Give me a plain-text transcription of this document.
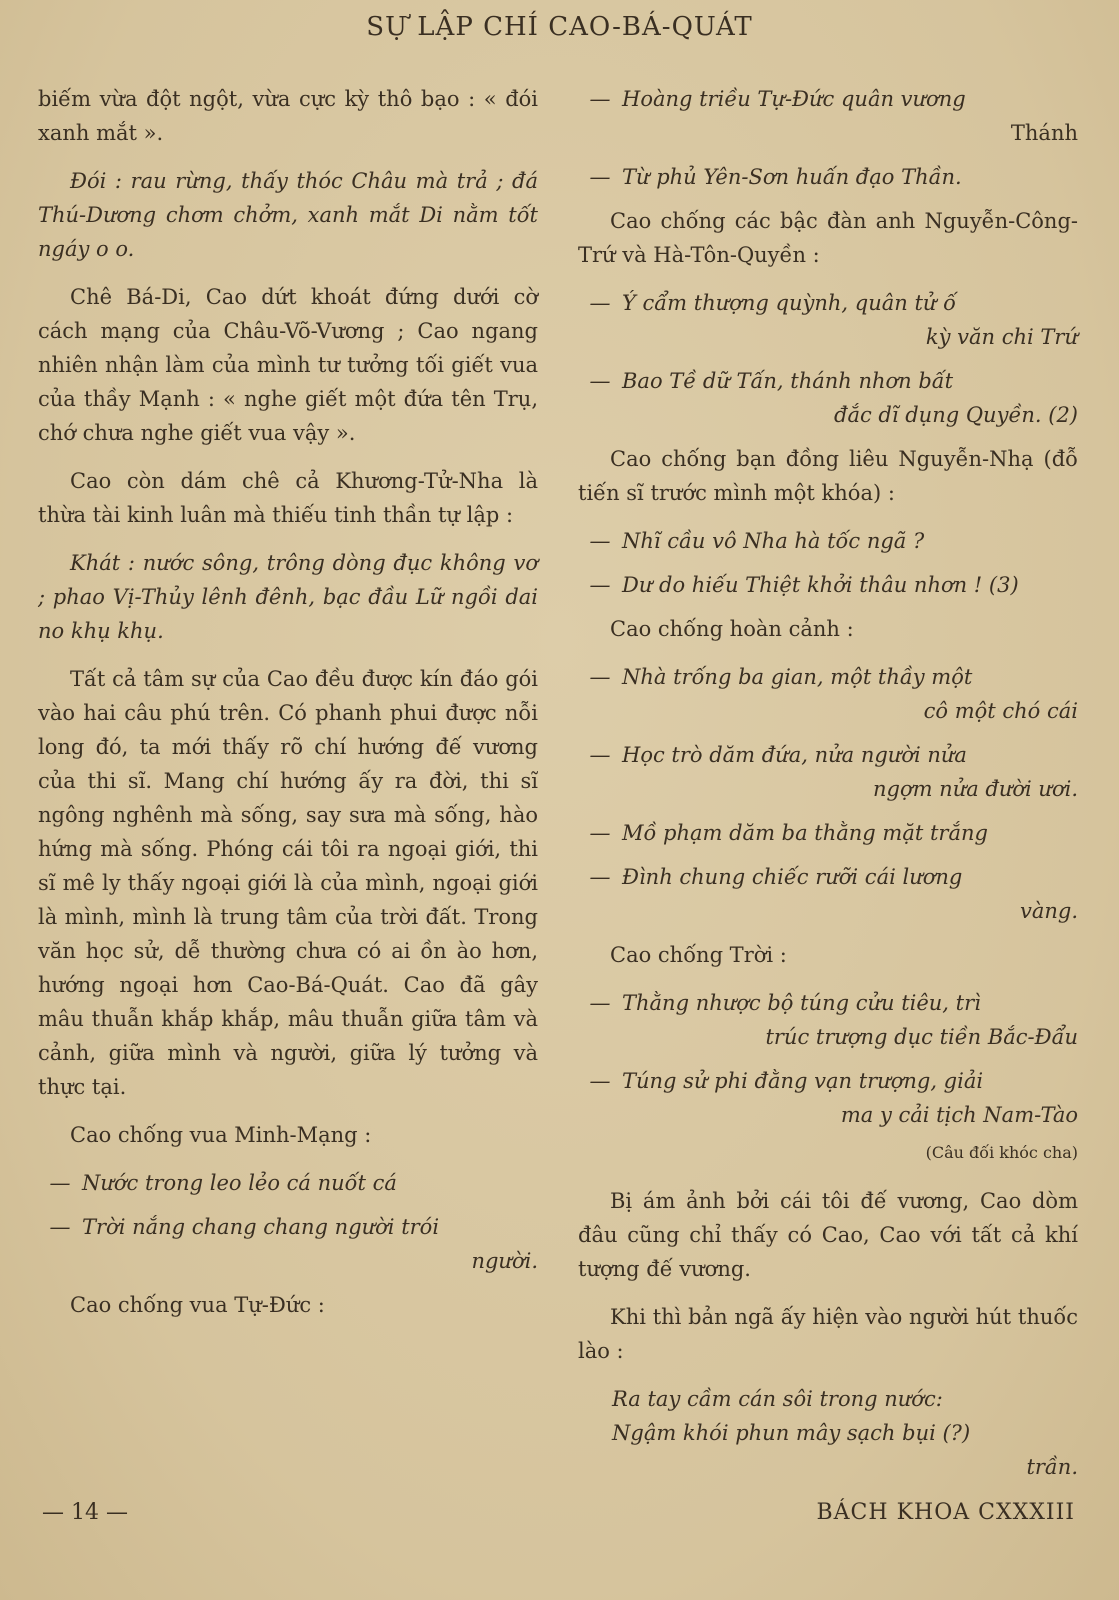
SỰ LẬP CHÍ CAO-BÁ-QUÁT

biếm vừa đột ngột, vừa cực kỳ thô bạo : « đói xanh mắt ».

Đói : rau rừng, thấy thóc Châu mà trả ; đá Thú-Dương chơm chởm, xanh mắt Di nằm tốt ngáy o o.

Chê Bá-Di, Cao dứt khoát đứng dưới cờ cách mạng của Châu-Võ-Vương ; Cao ngang nhiên nhận làm của mình tư tưởng tối giết vua của thầy Mạnh : « nghe giết một đứa tên Trụ, chớ chưa nghe giết vua vậy ».

Cao còn dám chê cả Khương-Tử-Nha là thừa tài kinh luân mà thiếu tinh thần tự lập :

Khát : nước sông, trông dòng đục không vơ ; phao Vị-Thủy lênh đênh, bạc đầu Lữ ngồi dai no khụ khụ.

Tất cả tâm sự của Cao đều được kín đáo gói vào hai câu phú trên. Có phanh phui được nỗi long đó, ta mới thấy rõ chí hướng đế vương của thi sĩ. Mang chí hướng ấy ra đời, thi sĩ ngông nghênh mà sống, say sưa mà sống, hào hứng mà sống. Phóng cái tôi ra ngoại giới, thi sĩ mê ly thấy ngoại giới là của mình, ngoại giới là mình, mình là trung tâm của trời đất. Trong văn học sử, dễ thường chưa có ai ồn ào hơn, hướng ngoại hơn Cao-Bá-Quát. Cao đã gây mâu thuẫn khắp khắp, mâu thuẫn giữa tâm và cảnh, giữa mình và người, giữa lý tưởng và thực tại.

Cao chống vua Minh-Mạng :

— Nước trong leo lẻo cá nuốt cá
— Trời nắng chang chang người trói
người.

Cao chống vua Tự-Đức :

— Hoàng triều Tự-Đức quân vương
Thánh
— Từ phủ Yên-Sơn huấn đạo Thần.

Cao chống các bậc đàn anh Nguyễn-Công-Trứ và Hà-Tôn-Quyền :

— Ý cẩm thượng quỳnh, quân tử ố
kỳ văn chi Trứ
— Bao Tề dữ Tấn, thánh nhơn bất
đắc dĩ dụng Quyền. (2)

Cao chống bạn đồng liêu Nguyễn-Nhạ (đỗ tiến sĩ trước mình một khóa) :

— Nhĩ cầu vô Nha hà tốc ngã ?
— Dư do hiếu Thiệt khởi thâu nhơn ! (3)

Cao chống hoàn cảnh :

— Nhà trống ba gian, một thầy một
cô một chó cái
— Học trò dăm đứa, nửa người nửa
ngợm nửa đười ươi.
— Mồ phạm dăm ba thằng mặt trắng
— Đình chung chiếc rưỡi cái lương
vàng.

Cao chống Trời :

— Thằng nhược bộ túng cửu tiêu, trì
trúc trượng dục tiền Bắc-Đẩu
— Túng sử phi đằng vạn trượng, giải
ma y cải tịch Nam-Tào
(Câu đối khóc cha)

Bị ám ảnh bởi cái tôi đế vương, Cao dòm đâu cũng chỉ thấy có Cao, Cao với tất cả khí tượng đế vương.

Khi thì bản ngã ấy hiện vào người hút thuốc lào :

Ra tay cầm cán sôi trong nước:

Ngậm khói phun mây sạch bụi (?)

trần.

— 14 —	BÁCH KHOA CXXXIII
